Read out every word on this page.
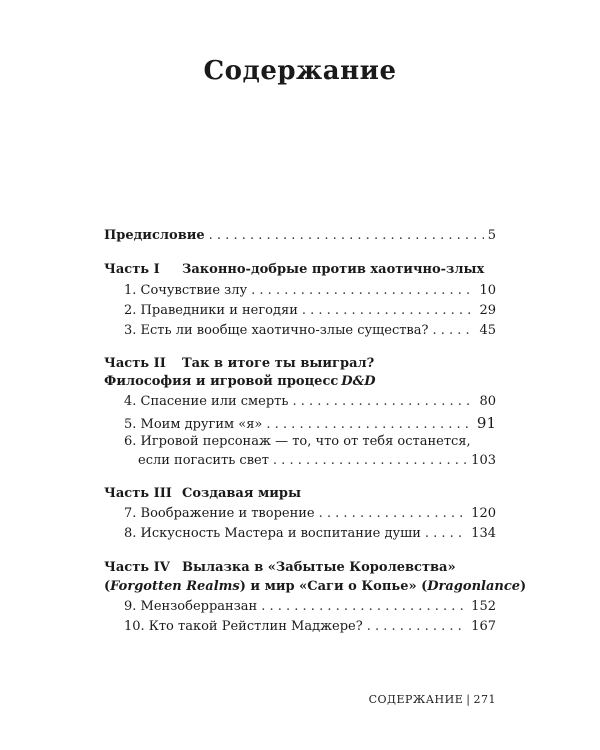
Содержание
Предисловие . . .	5
Часть I	Законно-добрые против хаотично-злых
1. Сочувствие злу . . .	10
2. Праведники и негодяи . . .	29
3. Есть ли вообще хаотично-злые существа? . . .	45
Часть II	Так в итоге ты выиграл?
Философия и игровой процесс D&D
4. Спасение или смерть . . .	80
5. Моим другим «я» . . .	91
6. Игровой персонаж — то, что от тебя останется,
если погасить свет . . .	103
Часть III Создавая миры
7. Воображение и творение . . .	120
8. Искусность Мастера и воспитание души . . .	134
Часть IV Вылазка в «Забытые Королевства»
( Forgotten Realms ) и мир «Саги о Копье» ( Dragonlance )
9. Мензоберранзан . . .	152
10. Кто такой Рейстлин Маджере? . . .	167
СОДЕРЖАНИЕ | 271
